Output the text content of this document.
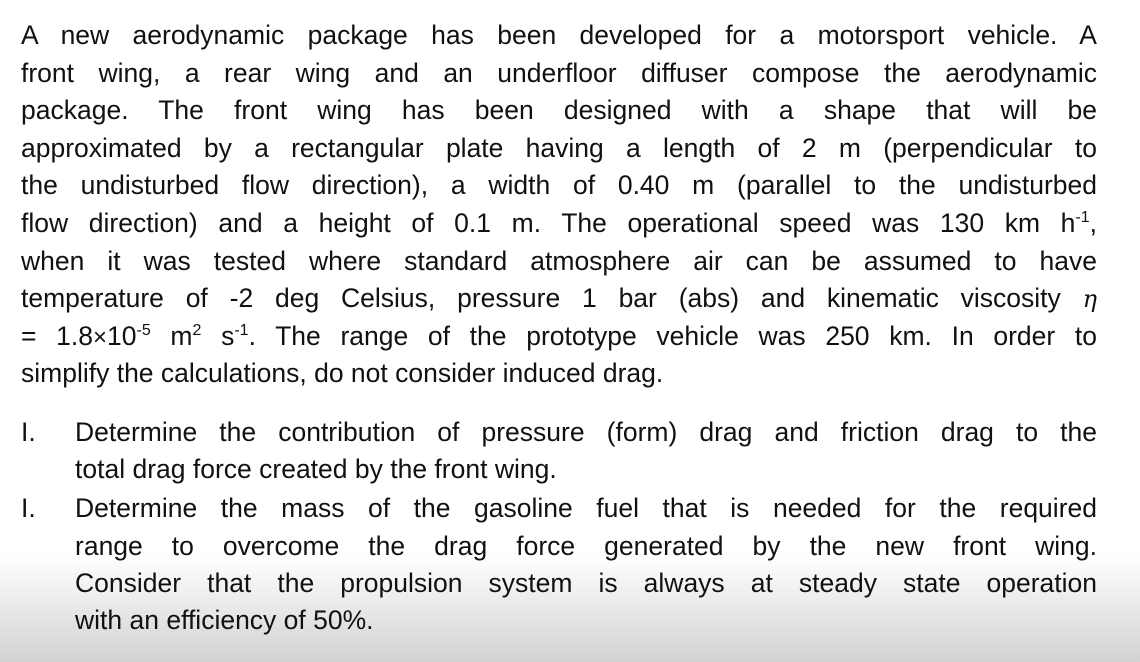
A new aerodynamic package has been developed for a motorsport vehicle. A
front wing, a rear wing and an underfloor diffuser compose the aerodynamic
package. The front wing has been designed with a shape that will be
approximated by a rectangular plate having a length of 2 m (perpendicular to
the undisturbed flow direction), a width of 0.40 m (parallel to the undisturbed
flow direction) and a height of 0.1 m. The operational speed was 130 km $h^{-1}$,
when it was tested where standard atmosphere air can be assumed to have
temperature of -2 deg Celsius, pressure 1 bar (abs) and kinematic viscosity η
= $1.8\times 10^{-5}$ $m^2$ $s^{-1}$. The range of the prototype vehicle was 250 km. In order to
simplify the calculations, do not consider induced drag.
I. Determine the contribution of pressure (form) drag and friction drag to the
total drag force created by the front wing.
I. Determine the mass of the gasoline fuel that is needed for the required
range to overcome the drag force generated by the new front wing.
Consider that the propulsion system is always at steady state operation
with an efficiency of 50%.
